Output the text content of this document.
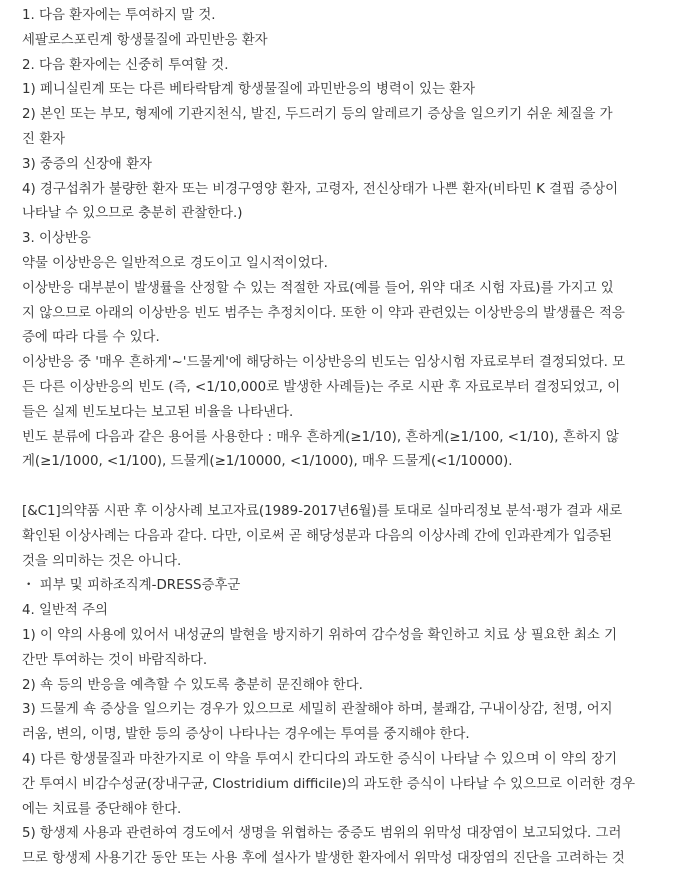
1. 다음 환자에는 투여하지 말 것.
세팔로스포린계 항생물질에 과민반응 환자
2. 다음 환자에는 신중히 투여할 것.
1) 페니실린계 또는 다른 베타락탐계 항생물질에 과민반응의 병력이 있는 환자
2) 본인 또는 부모, 형제에 기관지천식, 발진, 두드러기 등의 알레르기 증상을 일으키기 쉬운 체질을 가
진 환자
3) 중증의 신장애 환자
4) 경구섭취가 불량한 환자 또는 비경구영양 환자, 고령자, 전신상태가 나쁜 환자(비타민 K 결핍 증상이
나타날 수 있으므로 충분히 관찰한다.)
3. 이상반응
약물 이상반응은 일반적으로 경도이고 일시적이었다.
이상반응 대부분이 발생률을 산정할 수 있는 적절한 자료(예를 들어, 위약 대조 시험 자료)를 가지고 있
지 않으므로 아래의 이상반응 빈도 범주는 추정치이다. 또한 이 약과 관련있는 이상반응의 발생률은 적응
증에 따라 다를 수 있다.
이상반응 중 '매우 흔하게'~'드물게'에 해당하는 이상반응의 빈도는 임상시험 자료로부터 결정되었다. 모
든 다른 이상반응의 빈도 (즉, <1/10,000로 발생한 사례들)는 주로 시판 후 자료로부터 결정되었고, 이
들은 실제 빈도보다는 보고된 비율을 나타낸다.
빈도 분류에 다음과 같은 용어를 사용한다 : 매우 흔하게(≥1/10), 흔하게(≥1/100, <1/10), 흔하지 않
게(≥1/1000, <1/100), 드물게(≥1/10000, <1/1000), 매우 드물게(<1/10000).
[&C1]의약품 시판 후 이상사례 보고자료(1989-2017년6월)를 토대로 실마리정보 분석·평가 결과 새로
확인된 이상사례는 다음과 같다. 다만, 이로써 곧 해당성분과 다음의 이상사례 간에 인과관계가 입증된
것을 의미하는 것은 아니다.
・ 피부 및 피하조직계-DRESS증후군
4. 일반적 주의
1) 이 약의 사용에 있어서 내성균의 발현을 방지하기 위하여 감수성을 확인하고 치료 상 필요한 최소 기
간만 투여하는 것이 바람직하다.
2) 쇽 등의 반응을 예측할 수 있도록 충분히 문진해야 한다.
3) 드물게 쇽 증상을 일으키는 경우가 있으므로 세밀히 관찰해야 하며, 불쾌감, 구내이상감, 천명, 어지
러움, 변의, 이명, 발한 등의 증상이 나타나는 경우에는 투여를 중지해야 한다.
4) 다른 항생물질과 마찬가지로 이 약을 투여시 칸디다의 과도한 증식이 나타날 수 있으며 이 약의 장기
간 투여시 비감수성균(장내구균, Clostridium difficile)의 과도한 증식이 나타날 수 있으므로 이러한 경우
에는 치료를 중단해야 한다.
5) 항생제 사용과 관련하여 경도에서 생명을 위협하는 중증도 범위의 위막성 대장염이 보고되었다. 그러
므로 항생제 사용기간 동안 또는 사용 후에 설사가 발생한 환자에서 위막성 대장염의 진단을 고려하는 것
